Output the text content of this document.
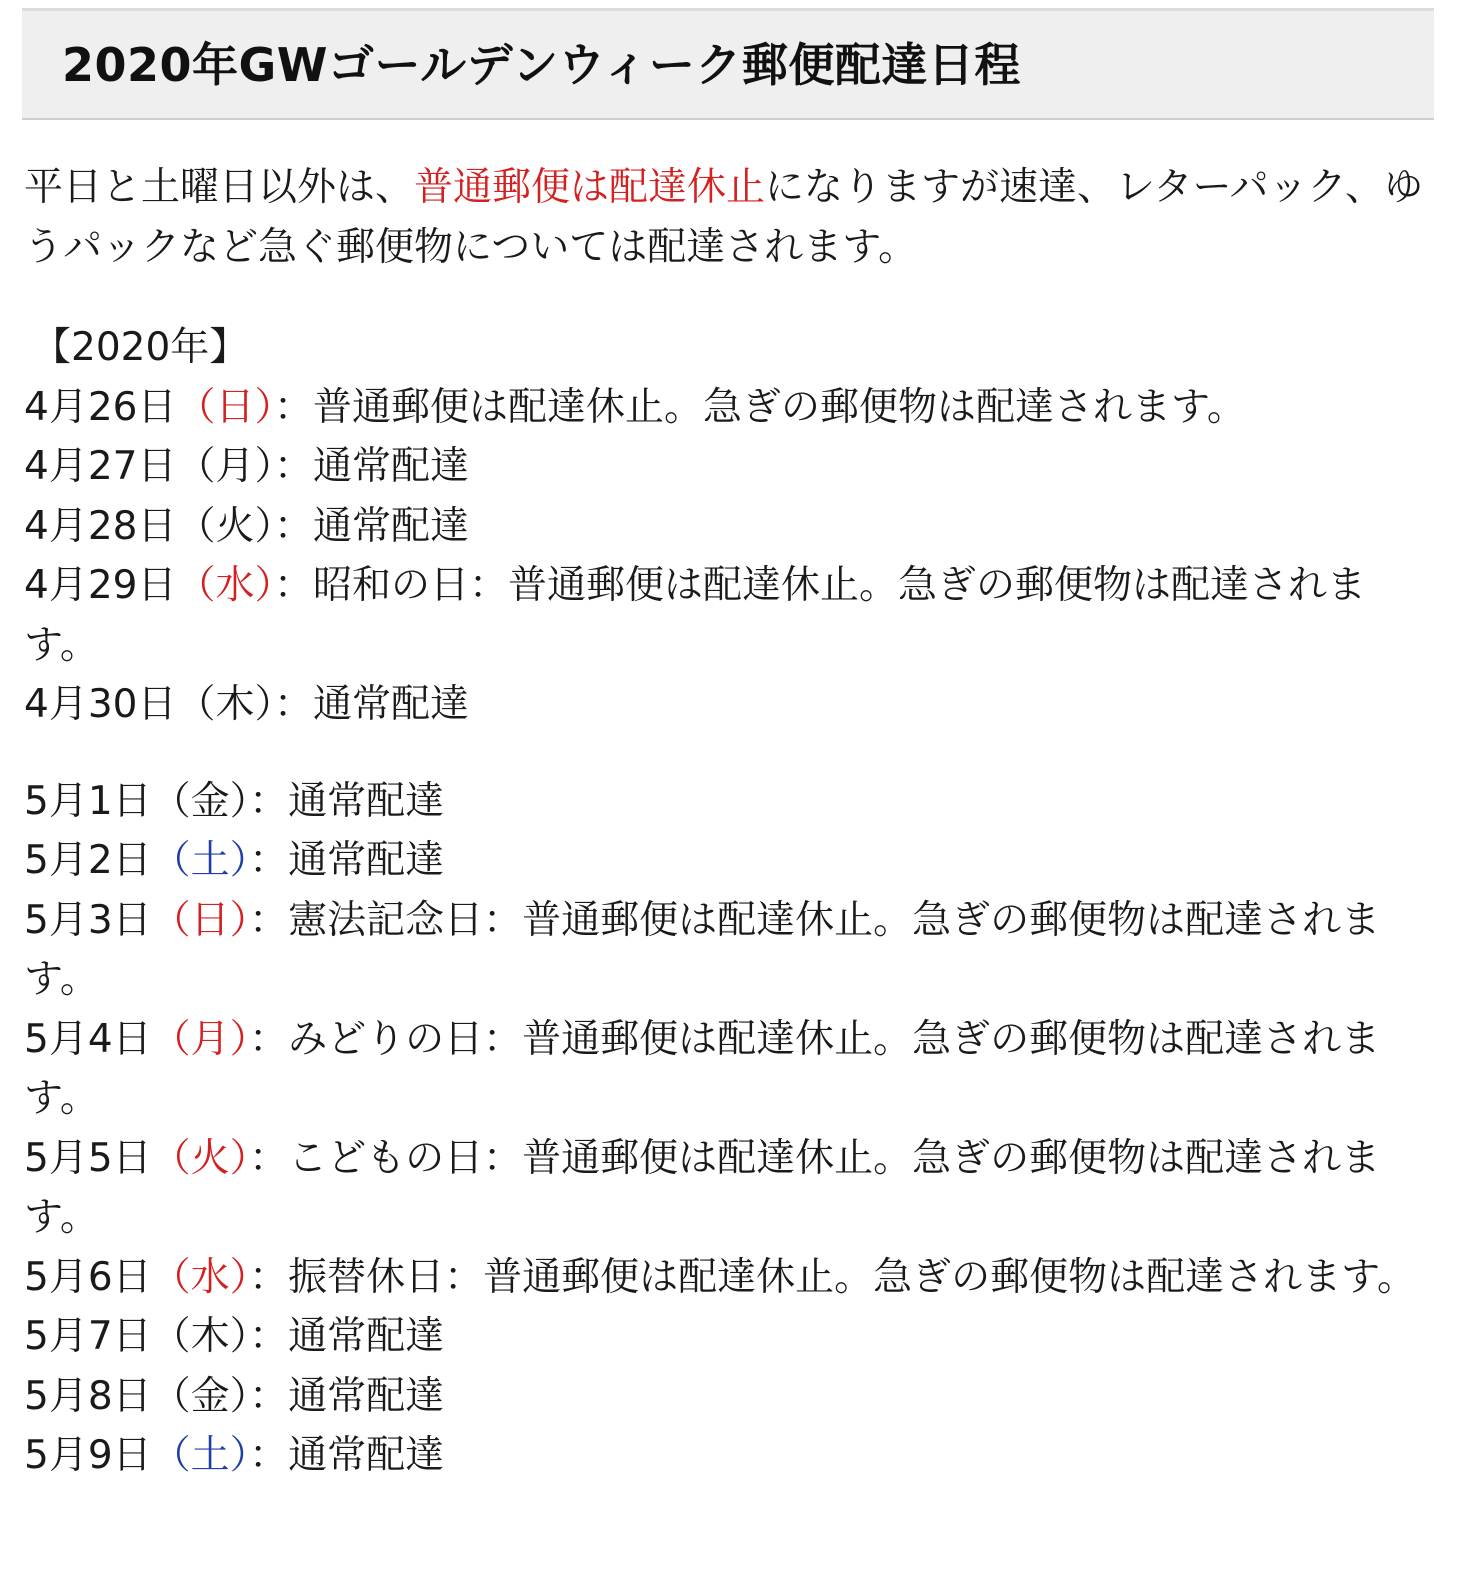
2020年GWゴールデンウィーク郵便配達日程

平日と土曜日以外は、普通郵便は配達休止になりますが速達、レターパック、ゆうパックなど急ぐ郵便物については配達されます。

【2020年】

4月26日（日）：普通郵便は配達休止。急ぎの郵便物は配達されます。

4月27日（月）：通常配達

4月28日（火）：通常配達

4月29日（水）：昭和の日：普通郵便は配達休止。急ぎの郵便物は配達されます。

4月30日（木）：通常配達

5月1日（金）：通常配達

5月2日（土）：通常配達

5月3日（日）：憲法記念日：普通郵便は配達休止。急ぎの郵便物は配達されます。

5月4日（月）：みどりの日：普通郵便は配達休止。急ぎの郵便物は配達されます。

5月5日（火）：こどもの日：普通郵便は配達休止。急ぎの郵便物は配達されます。

5月6日（水）：振替休日：普通郵便は配達休止。急ぎの郵便物は配達されます。

5月7日（木）：通常配達

5月8日（金）：通常配達

5月9日（土）：通常配達
